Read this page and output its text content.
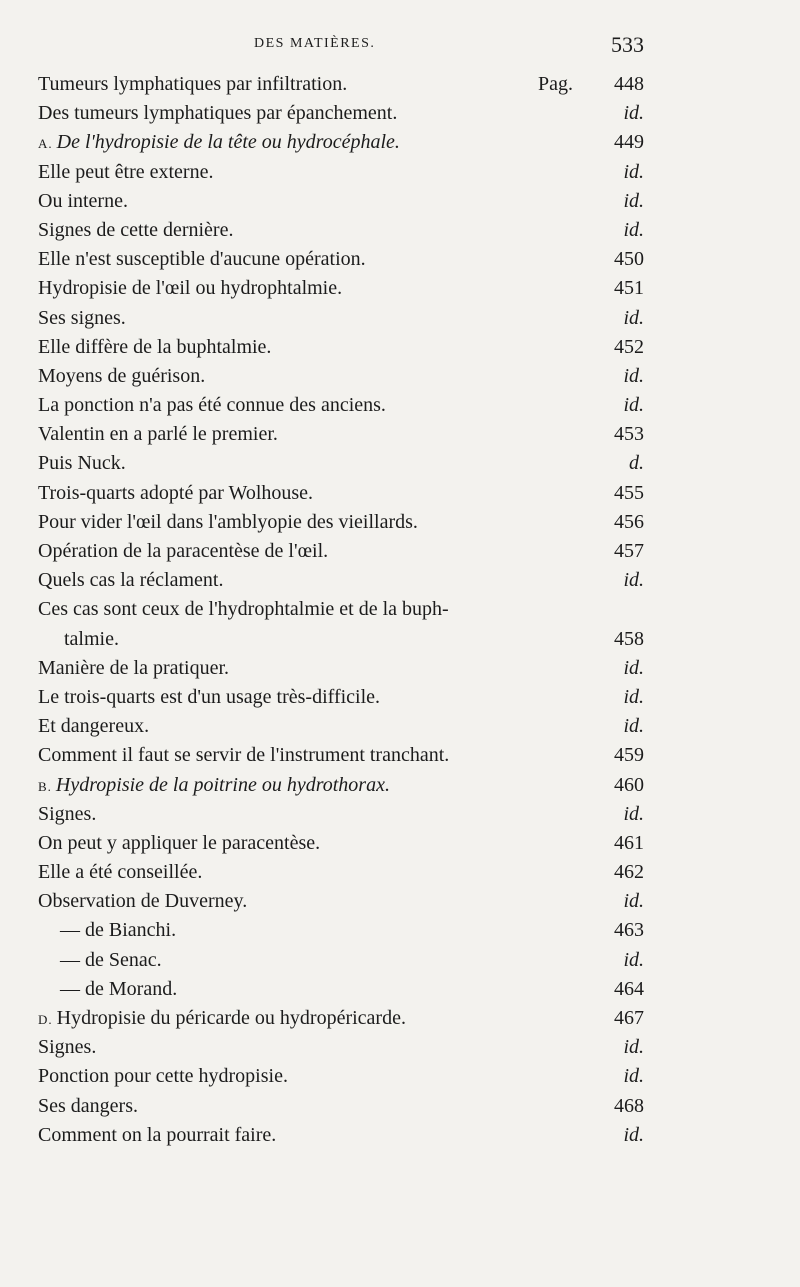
DES MATIÈRES.	533
Tumeurs lymphatiques par infiltration.	Pag.	448
Des tumeurs lymphatiques par épanchement.	id.
A. De l'hydropisie de la tête ou hydrocéphale.	449
Elle peut être externe.	id.
Ou interne.	id.
Signes de cette dernière.	id.
Elle n'est susceptible d'aucune opération.	450
Hydropisie de l'œil ou hydrophtalmie.	451
Ses signes.	id.
Elle diffère de la buphtalmie.	452
Moyens de guérison.	id.
La ponction n'a pas été connue des anciens.	id.
Valentin en a parlé le premier.	453
Puis Nuck.	d.
Trois-quarts adopté par Wolhouse.	455
Pour vider l'œil dans l'amblyopie des vieillards.	456
Opération de la paracentèse de l'œil.	457
Quels cas la réclament.	id.
Ces cas sont ceux de l'hydrophtalmie et de la buph-
talmie.	458
Manière de la pratiquer.	id.
Le trois-quarts est d'un usage très-difficile.	id.
Et dangereux.	id.
Comment il faut se servir de l'instrument tranchant.	459
B. Hydropisie de la poitrine ou hydrothorax.	460
Signes.	id.
On peut y appliquer le paracentèse.	461
Elle a été conseillée.	462
Observation de Duverney.	id.
— de Bianchi.	463
— de Senac.	id.
— de Morand.	464
D. Hydropisie du péricarde ou hydropéricarde.	467
Signes.	id.
Ponction pour cette hydropisie.	id.
Ses dangers.	468
Comment on la pourrait faire.	id.
